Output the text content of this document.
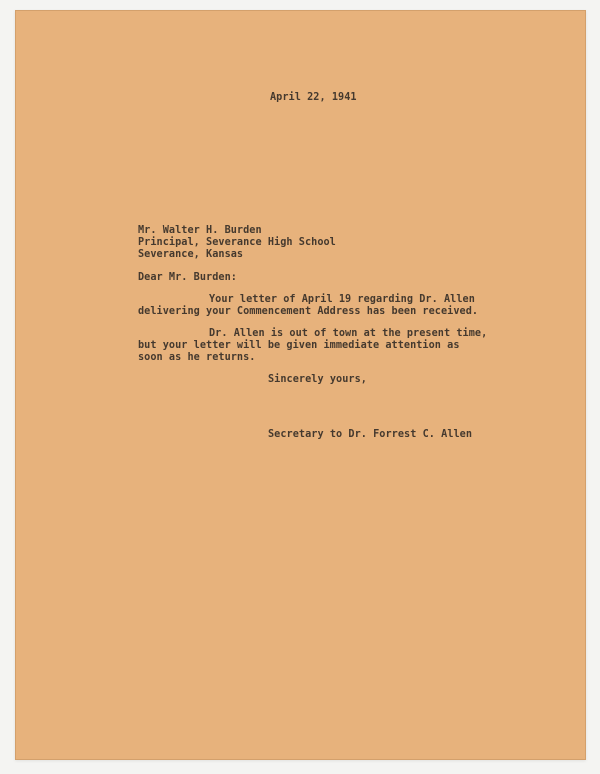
April 22, 1941
Mr. Walter H. Burden
Principal, Severance High School
Severance, Kansas
Dear Mr. Burden:
Your letter of April 19 regarding Dr. Allen
delivering your Commencement Address has been received.
Dr. Allen is out of town at the present time,
but your letter will be given immediate attention as
soon as he returns.
Sincerely yours,
Secretary to Dr. Forrest C. Allen
